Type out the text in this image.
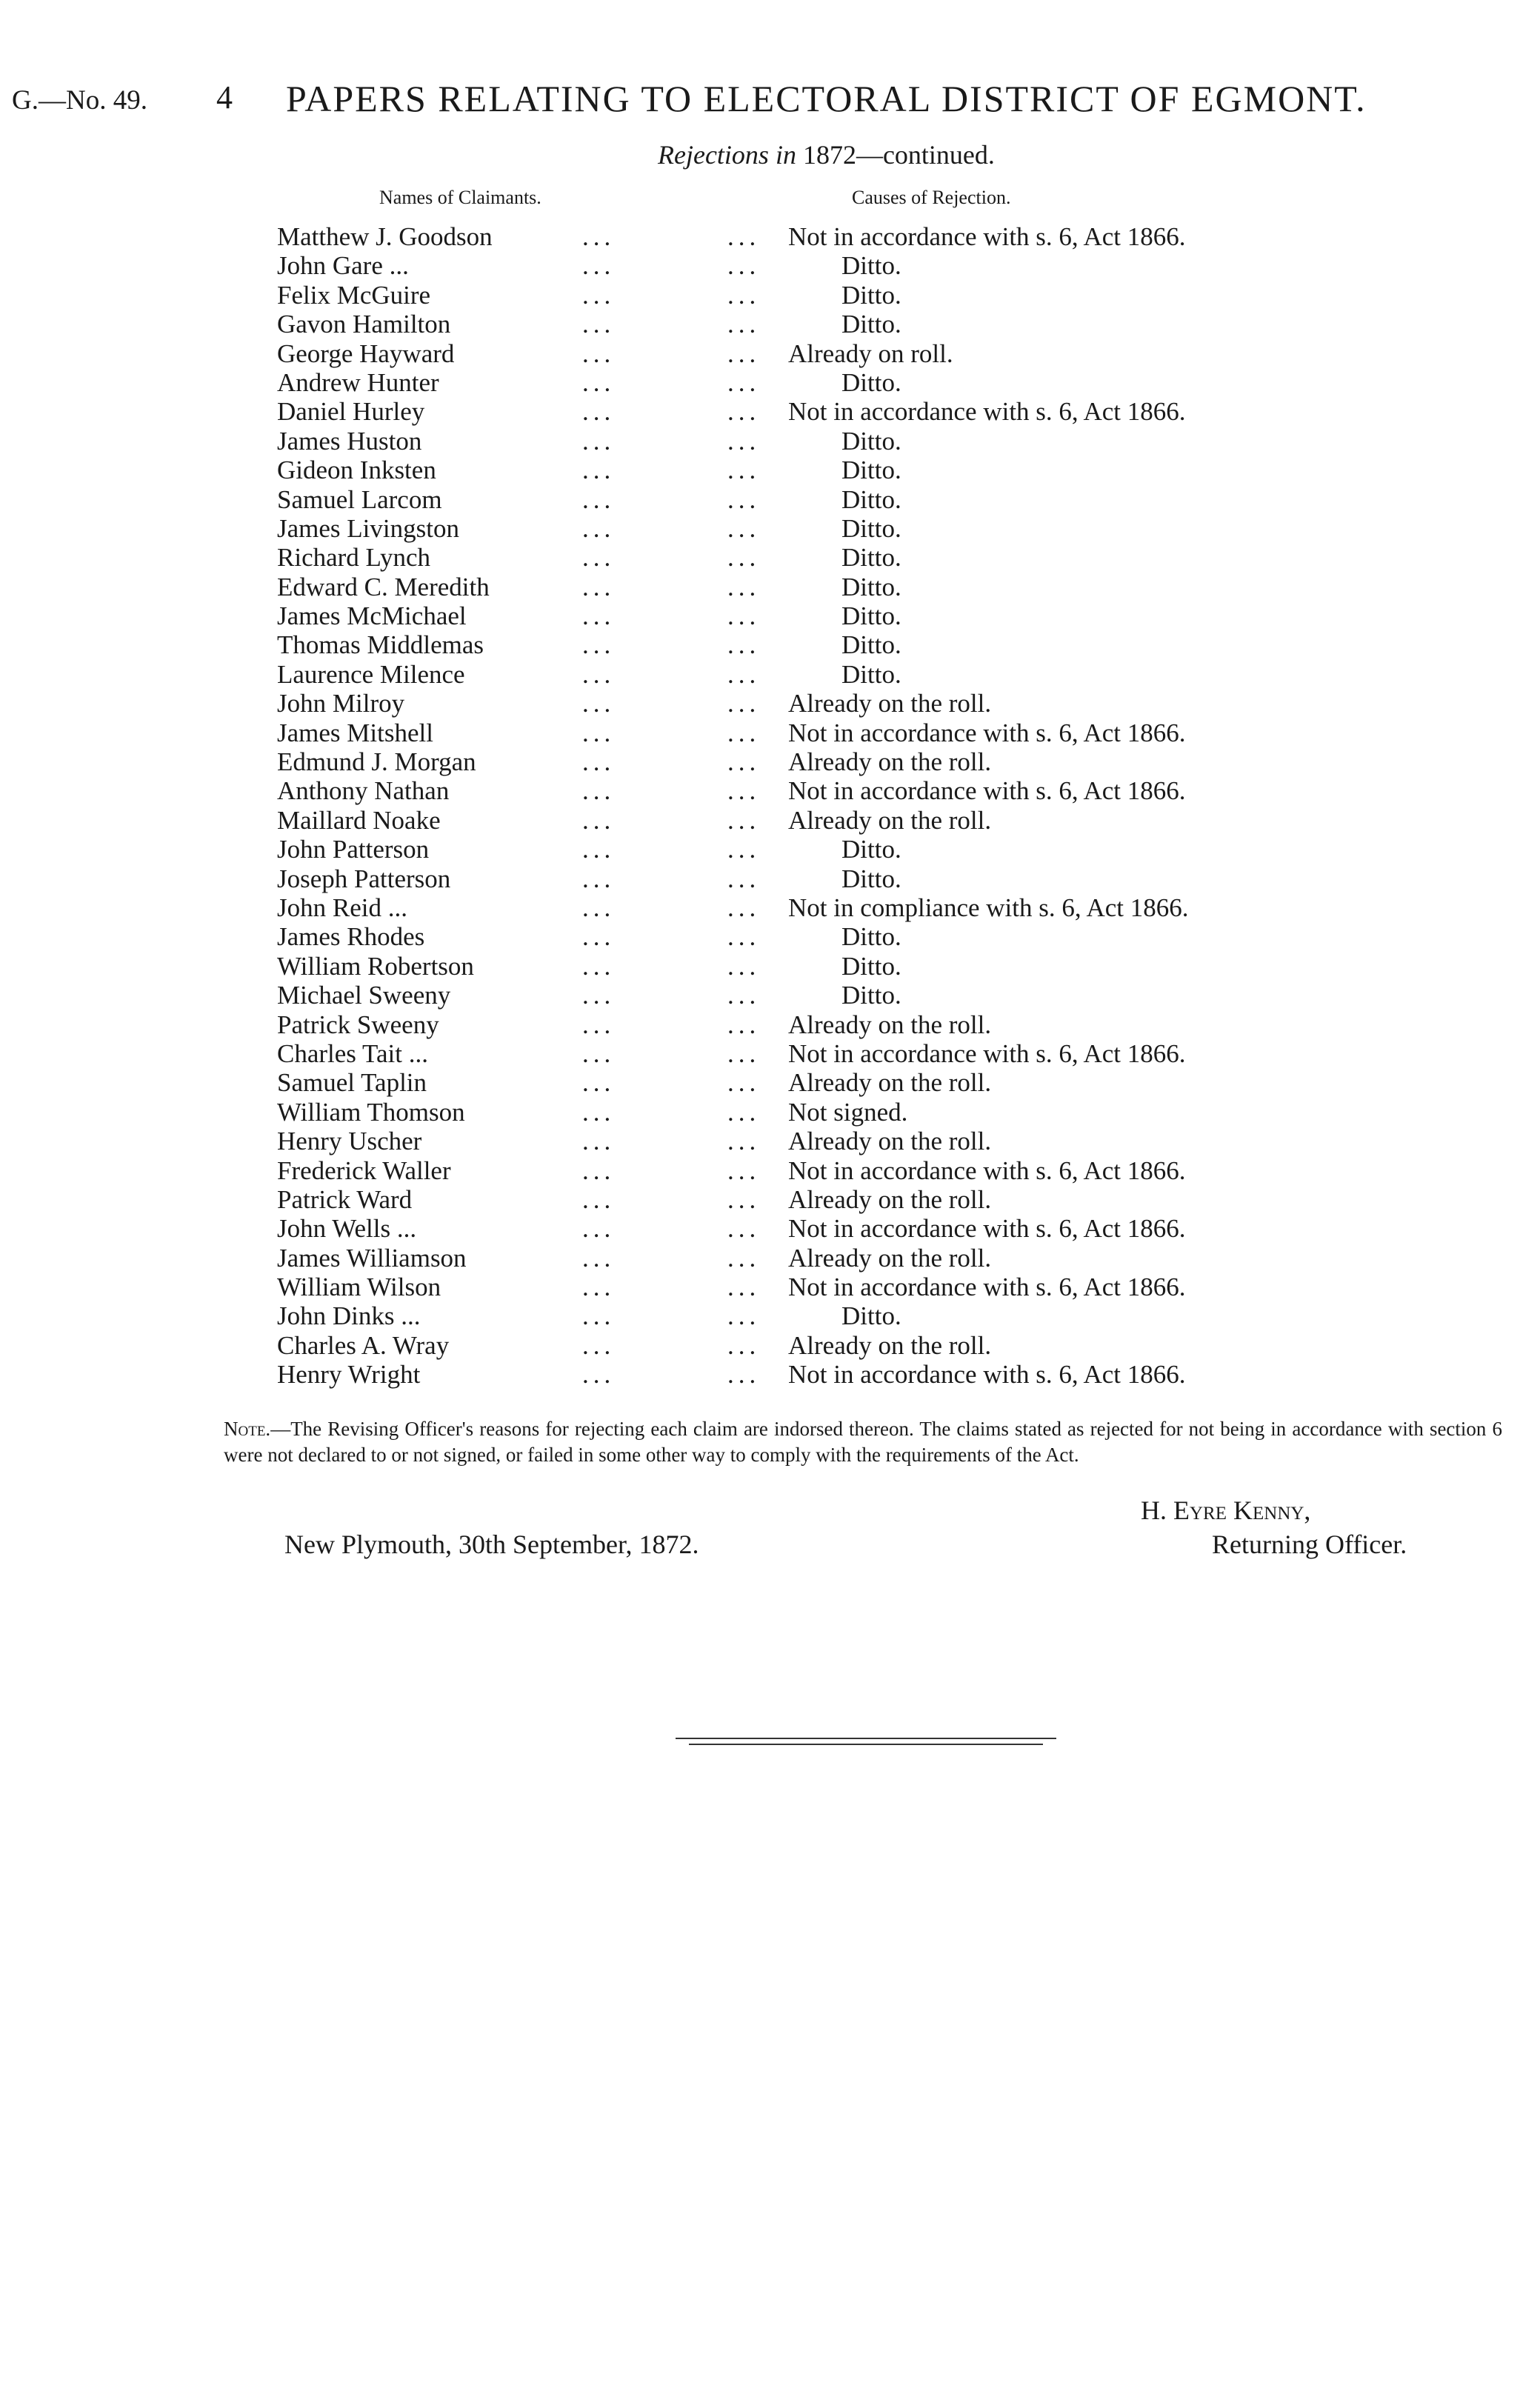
G.—No. 49. 4 PAPERS RELATING TO ELECTORAL DISTRICT OF EGMONT.
Rejections in 1872—continued.
Names of Claimants.	Causes of Rejection.
Matthew J. Goodson	...	... Not in accordance with s. 6, Act 1866.
John Gare ...	...	...	Ditto.
Felix McGuire	...	...	Ditto.
Gavon Hamilton	...	...	Ditto.
George Hayward	...	... Already on roll.
Andrew Hunter	...	...	Ditto.
Daniel Hurley	...	... Not in accordance with s. 6, Act 1866.
James Huston	...	...	Ditto.
Gideon Inksten	...	...	Ditto.
Samuel Larcom	...	...	Ditto.
James Livingston	...	...	Ditto.
Richard Lynch	...	...	Ditto.
Edward C. Meredith	...	...	Ditto.
James McMichael	...	...	Ditto.
Thomas Middlemas	...	...	Ditto.
Laurence Milence	...	...	Ditto.
John Milroy	...	... Already on the roll.
James Mitshell	...	... Not in accordance with s. 6, Act 1866.
Edmund J. Morgan	...	... Already on the roll.
Anthony Nathan	...	... Not in accordance with s. 6, Act 1866.
Maillard Noake	...	... Already on the roll.
John Patterson	...	...	Ditto.
Joseph Patterson	...	...	Ditto.
John Reid ...	...	... Not in compliance with s. 6, Act 1866.
James Rhodes	...	...	Ditto.
William Robertson	...	...	Ditto.
Michael Sweeny	...	...	Ditto.
Patrick Sweeny	...	... Already on the roll.
Charles Tait ...	...	... Not in accordance with s. 6, Act 1866.
Samuel Taplin	...	... Already on the roll.
William Thomson	...	... Not signed.
Henry Uscher	...	... Already on the roll.
Frederick Waller	...	... Not in accordance with s. 6, Act 1866.
Patrick Ward	...	... Already on the roll.
John Wells ...	...	... Not in accordance with s. 6, Act 1866.
James Williamson	...	... Already on the roll.
William Wilson	...	... Not in accordance with s. 6, Act 1866.
John Dinks ...	...	...	Ditto.
Charles A. Wray	...	... Already on the roll.
Henry Wright	...	... Not in accordance with s. 6, Act 1866.
Note.—The Revising Officer's reasons for rejecting each claim are indorsed thereon. The claims stated as rejected for not being in accordance with section 6 were not declared to or not signed, or failed in some other way to comply with the requirements of the Act.
H. Eyre Kenny,
Returning Officer.
New Plymouth, 30th September, 1872.
